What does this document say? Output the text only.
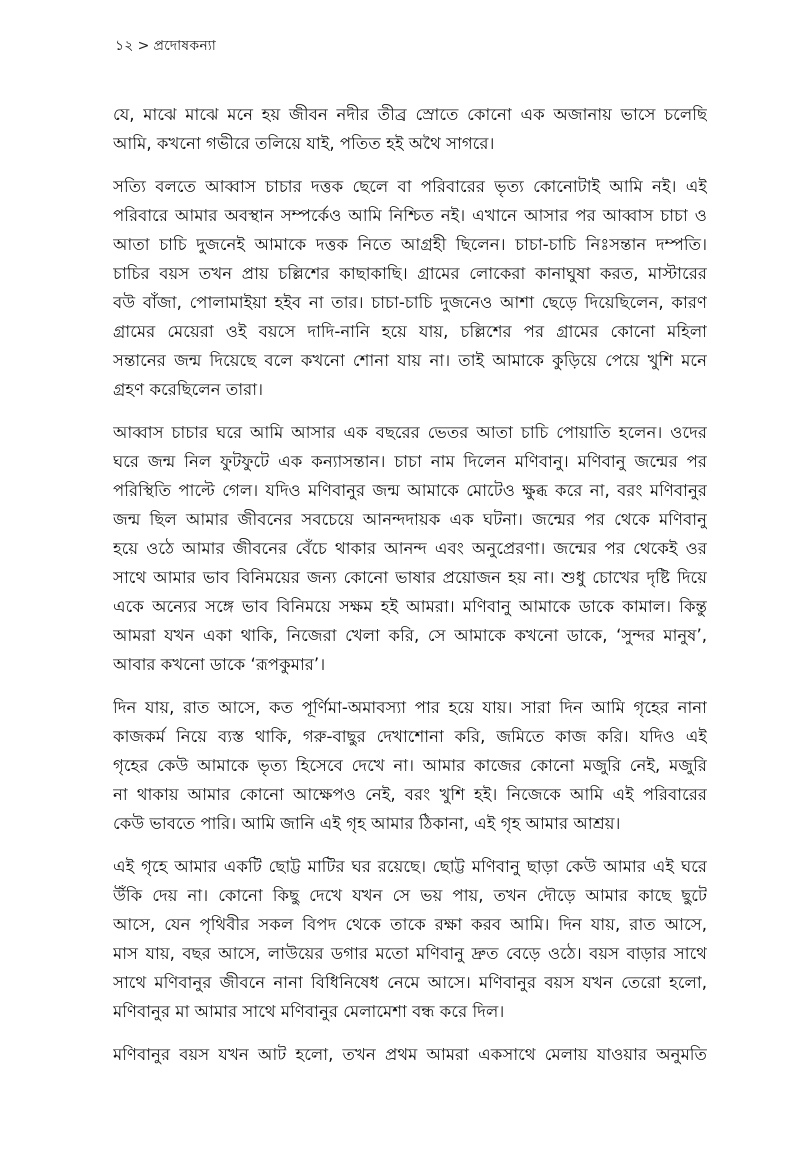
১২ > প্রদোষকন্যা
যে, মাঝে মাঝে মনে হয় জীবন নদীর তীব্র স্রোতে কোনো এক অজানায় ভাসে চলেছি
আমি, কখনো গভীরে তলিয়ে যাই, পতিত হই অথৈ সাগরে।
সত্যি বলতে আব্বাস চাচার দত্তক ছেলে বা পরিবারের ভৃত্য কোনোটাই আমি নই। এই
পরিবারে আমার অবস্থান সম্পর্কেও আমি নিশ্চিত নই। এখানে আসার পর আব্বাস চাচা ও
আতা চাচি দুজনেই আমাকে দত্তক নিতে আগ্রহী ছিলেন। চাচা-চাচি নিঃসন্তান দম্পতি।
চাচির বয়স তখন প্রায় চল্লিশের কাছাকাছি। গ্রামের লোকেরা কানাঘুষা করত, মাস্টারের
বউ বাঁজা, পোলামাইয়া হইব না তার। চাচা-চাচি দুজনেও আশা ছেড়ে দিয়েছিলেন, কারণ
গ্রামের মেয়েরা ওই বয়সে দাদি-নানি হয়ে যায়, চল্লিশের পর গ্রামের কোনো মহিলা
সন্তানের জন্ম দিয়েছে বলে কখনো শোনা যায় না। তাই আমাকে কুড়িয়ে পেয়ে খুশি মনে
গ্রহণ করেছিলেন তারা।
আব্বাস চাচার ঘরে আমি আসার এক বছরের ভেতর আতা চাচি পোয়াতি হলেন। ওদের
ঘরে জন্ম নিল ফুটফুটে এক কন্যাসন্তান। চাচা নাম দিলেন মণিবানু। মণিবানু জন্মের পর
পরিস্থিতি পাল্টে গেল। যদিও মণিবানুর জন্ম আমাকে মোটেও ক্ষুব্ধ করে না, বরং মণিবানুর
জন্ম ছিল আমার জীবনের সবচেয়ে আনন্দদায়ক এক ঘটনা। জন্মের পর থেকে মণিবানু
হয়ে ওঠে আমার জীবনের বেঁচে থাকার আনন্দ এবং অনুপ্রেরণা। জন্মের পর থেকেই ওর
সাথে আমার ভাব বিনিময়ের জন্য কোনো ভাষার প্রয়োজন হয় না। শুধু চোখের দৃষ্টি দিয়ে
একে অন্যের সঙ্গে ভাব বিনিময়ে সক্ষম হই আমরা। মণিবানু আমাকে ডাকে কামাল। কিন্তু
আমরা যখন একা থাকি, নিজেরা খেলা করি, সে আমাকে কখনো ডাকে, ‘সুন্দর মানুষ’,
আবার কখনো ডাকে ‘রূপকুমার’।
দিন যায়, রাত আসে, কত পূর্ণিমা-অমাবস্যা পার হয়ে যায়। সারা দিন আমি গৃহের নানা
কাজকর্ম নিয়ে ব্যস্ত থাকি, গরু-বাছুর দেখাশোনা করি, জমিতে কাজ করি। যদিও এই
গৃহের কেউ আমাকে ভৃত্য হিসেবে দেখে না। আমার কাজের কোনো মজুরি নেই, মজুরি
না থাকায় আমার কোনো আক্ষেপও নেই, বরং খুশি হই। নিজেকে আমি এই পরিবারের
কেউ ভাবতে পারি। আমি জানি এই গৃহ আমার ঠিকানা, এই গৃহ আমার আশ্রয়।
এই গৃহে আমার একটি ছোট্ট মাটির ঘর রয়েছে। ছোট্ট মণিবানু ছাড়া কেউ আমার এই ঘরে
উঁকি দেয় না। কোনো কিছু দেখে যখন সে ভয় পায়, তখন দৌড়ে আমার কাছে ছুটে
আসে, যেন পৃথিবীর সকল বিপদ থেকে তাকে রক্ষা করব আমি। দিন যায়, রাত আসে,
মাস যায়, বছর আসে, লাউয়ের ডগার মতো মণিবানু দ্রুত বেড়ে ওঠে। বয়স বাড়ার সাথে
সাথে মণিবানুর জীবনে নানা বিধিনিষেধ নেমে আসে। মণিবানুর বয়স যখন তেরো হলো,
মণিবানুর মা আমার সাথে মণিবানুর মেলামেশা বন্ধ করে দিল।
মণিবানুর বয়স যখন আট হলো, তখন প্রথম আমরা একসাথে মেলায় যাওয়ার অনুমতি
